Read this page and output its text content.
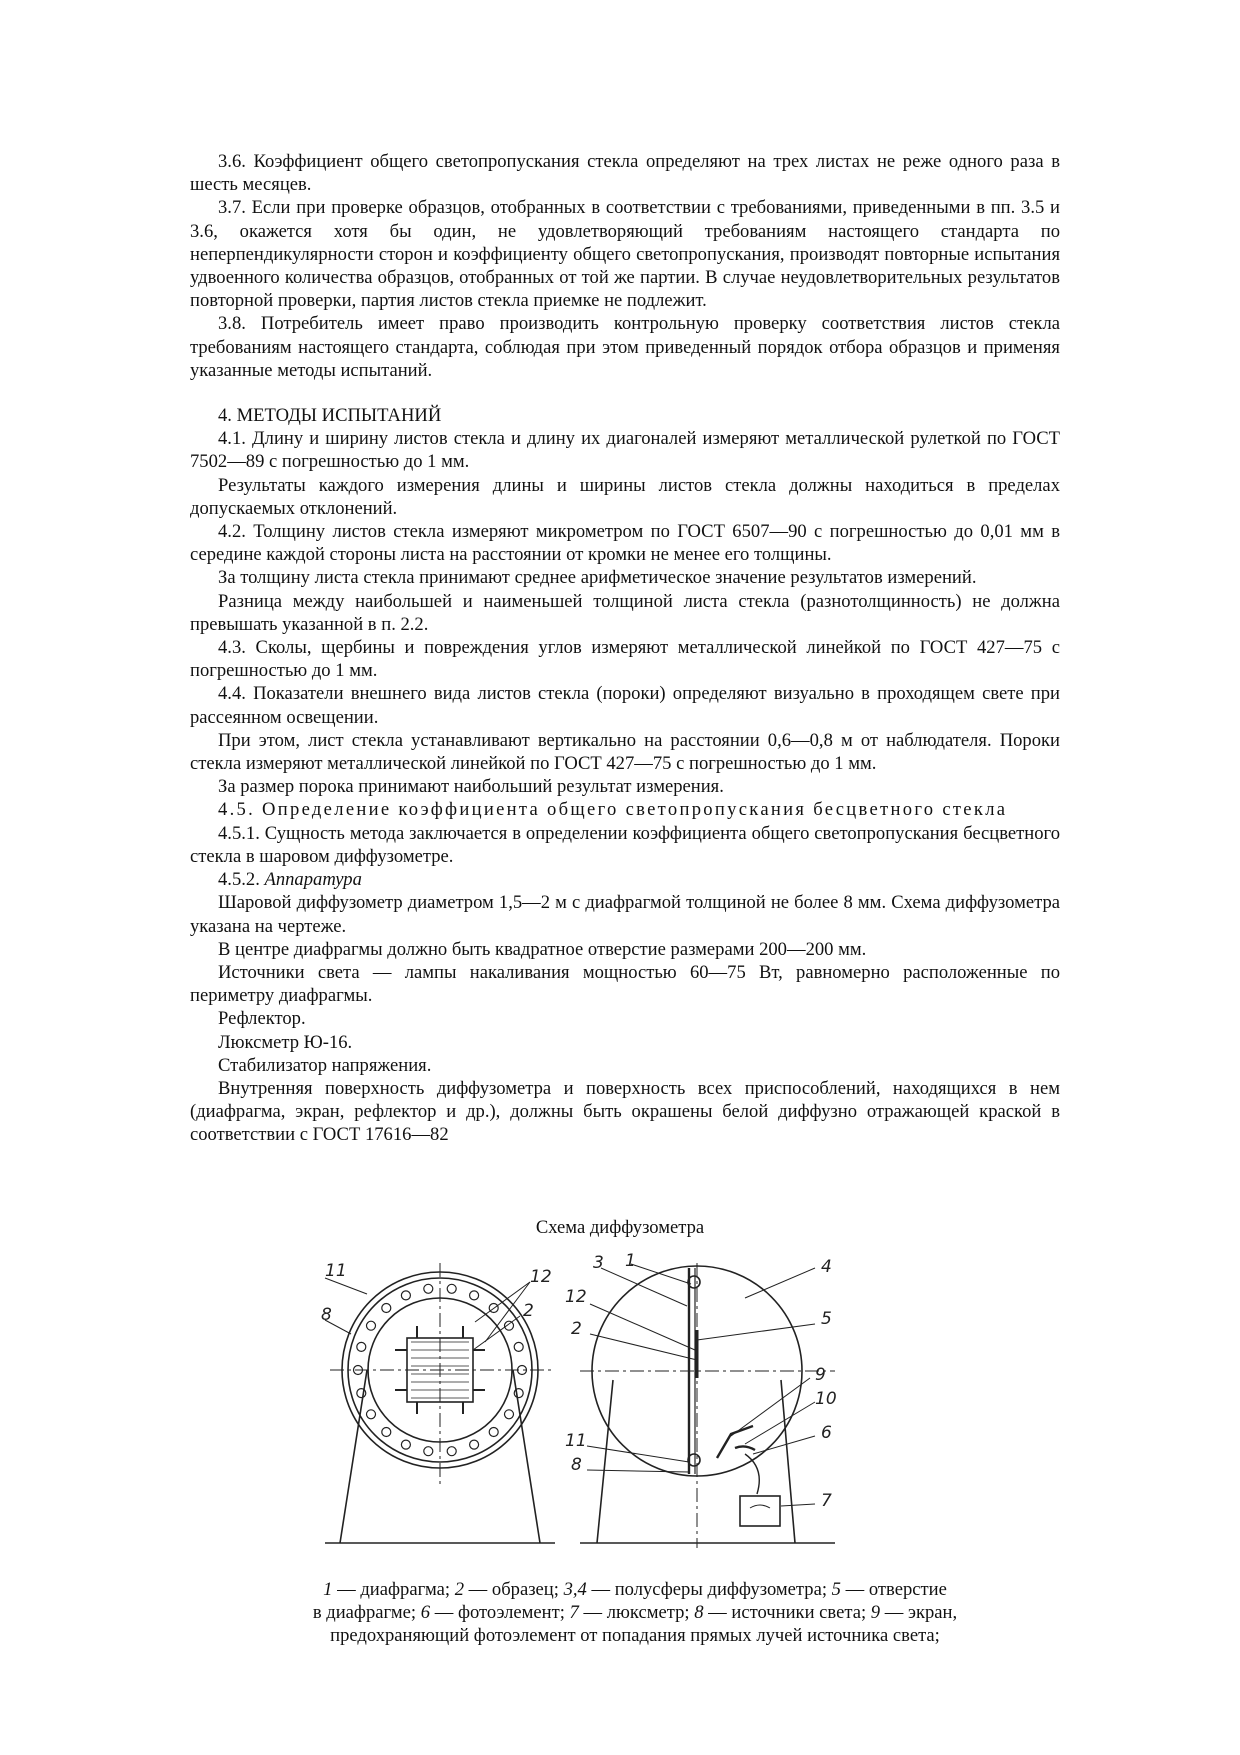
3.6. Коэффициент общего светопропускания стекла определяют на трех листах не реже одного раза в шесть месяцев.

3.7. Если при проверке образцов, отобранных в соответствии с требованиями, приведенными в пп. 3.5 и 3.6, окажется хотя бы один, не удовлетворяющий требованиям настоящего стандарта по неперпендикулярности сторон и коэффициенту общего светопропускания, производят повторные испытания удвоенного количества образцов, отобранных от той же партии. В случае неудовлетворительных результатов повторной проверки, партия листов стекла приемке не подлежит.

3.8. Потребитель имеет право производить контрольную проверку соответствия листов стекла требованиям настоящего стандарта, соблюдая при этом приведенный порядок отбора образцов и применяя указанные методы испытаний.

4. МЕТОДЫ ИСПЫТАНИЙ

4.1. Длину и ширину листов стекла и длину их диагоналей измеряют металлической рулеткой по ГОСТ 7502—89 с погрешностью до 1 мм.

Результаты каждого измерения длины и ширины листов стекла должны находиться в пределах допускаемых отклонений.

4.2. Толщину листов стекла измеряют микрометром по ГОСТ 6507—90 с погрешностью до 0,01 мм в середине каждой стороны листа на расстоянии от кромки не менее его толщины.

За толщину листа стекла принимают среднее арифметическое значение результатов измерений.

Разница между наибольшей и наименьшей толщиной листа стекла (разнотолщинность) не должна превышать указанной в п. 2.2.

4.3. Сколы, щербины и повреждения углов измеряют металлической линейкой по ГОСТ 427—75 с погрешностью до 1 мм.

4.4. Показатели внешнего вида листов стекла (пороки) определяют визуально в проходящем свете при рассеянном освещении.

При этом, лист стекла устанавливают вертикально на расстоянии 0,6—0,8 м от наблюдателя. Пороки стекла измеряют металлической линейкой по ГОСТ 427—75 с погрешностью до 1 мм.

За размер порока принимают наибольший результат измерения.

4.5. Определение коэффициента общего светопропускания бесцветного стекла

4.5.1. Сущность метода заключается в определении коэффициента общего светопропускания бесцветного стекла в шаровом диффузометре.

4.5.2. Аппаратура

Шаровой диффузометр диаметром 1,5—2 м с диафрагмой толщиной не более 8 мм. Схема диффузометра указана на чертеже.

В центре диафрагмы должно быть квадратное отверстие размерами 200—200 мм.

Источники света — лампы накаливания мощностью 60—75 Вт, равномерно расположенные по периметру диафрагмы.

Рефлектор.

Люксметр Ю-16.

Стабилизатор напряжения.

Внутренняя поверхность диффузометра и поверхность всех приспособлений, находящихся в нем (диафрагма, экран, рефлектор и др.), должны быть окрашены белой диффузно отражающей краской в соответствии с ГОСТ 17616—82

Схема диффузометра
11
8
12
2
3 1
12
2
4
5
9
10
11
8
6
7
1 — диафрагма; 2 — образец; 3,4 — полусферы диффузометра; 5 — отверстие
в диафрагме; 6 — фотоэлемент; 7 — люксметр; 8 — источники света; 9 — экран,
предохраняющий фотоэлемент от попадания прямых лучей источника света;
